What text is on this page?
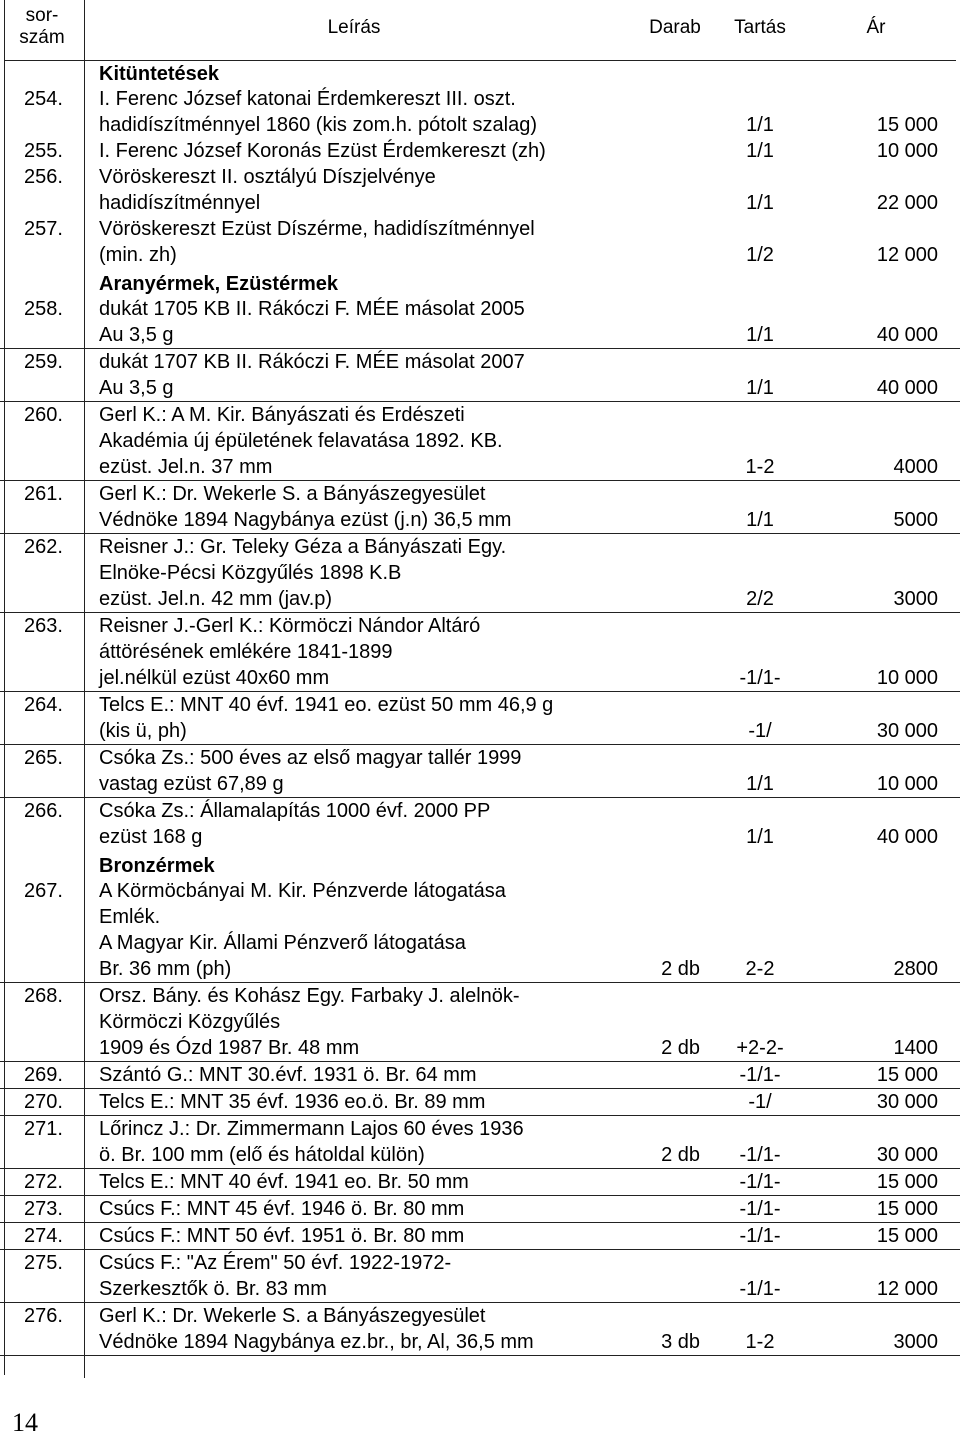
sor-
szám	Leírás	Darab	Tartás	Ár
Kitüntetések
254. I. Ferenc József katonai Érdemkereszt III. oszt.
hadidíszítménnyel 1860 (kis zom.h. pótolt szalag)	1/1	15 000
255. I. Ferenc József Koronás Ezüst Érdemkereszt (zh)	1/1	10 000
256. Vöröskereszt II. osztályú Díszjelvénye
hadidíszítménnyel	1/1	22 000
257. Vöröskereszt Ezüst Díszérme, hadidíszítménnyel
(min. zh)	1/2	12 000
Aranyérmek, Ezüstérmek
258. dukát 1705 KB II. Rákóczi F. MÉE másolat 2005
Au 3,5 g	1/1	40 000
259. dukát 1707 KB II. Rákóczi F. MÉE másolat 2007
Au 3,5 g	1/1	40 000
260. Gerl K.: A M. Kir. Bányászati és Erdészeti
Akadémia új épületének felavatása 1892. KB.
ezüst. Jel.n. 37 mm	1-2	4000
261. Gerl K.: Dr. Wekerle S. a Bányászegyesület
Védnöke 1894 Nagybánya ezüst (j.n) 36,5 mm	1/1	5000
262. Reisner J.: Gr. Teleky Géza a Bányászati Egy.
Elnöke-Pécsi Közgyűlés 1898 K.B
ezüst. Jel.n. 42 mm (jav.p)	2/2	3000
263. Reisner J.-Gerl K.: Körmöczi Nándor Altáró
áttörésének emlékére 1841-1899
jel.nélkül ezüst 40x60 mm	-1/1-	10 000
264. Telcs E.: MNT 40 évf. 1941 eo. ezüst 50 mm 46,9 g
(kis ü, ph)	-1/	30 000
265. Csóka Zs.: 500 éves az első magyar tallér 1999
vastag ezüst 67,89 g	1/1	10 000
266. Csóka Zs.: Államalapítás 1000 évf. 2000 PP
ezüst 168 g	1/1	40 000
Bronzérmek
267. A Körmöcbányai M. Kir. Pénzverde látogatása
Emlék.
A Magyar Kir. Állami Pénzverő látogatása
Br. 36 mm (ph)	2 db	2-2	2800
268. Orsz. Bány. és Kohász Egy. Farbaky J. alelnök-
Körmöczi Közgyűlés
1909 és Ózd 1987 Br. 48 mm	2 db	+2-2-	1400
269. Szántó G.: MNT 30.évf. 1931 ö. Br. 64 mm	-1/1-	15 000
270. Telcs E.: MNT 35 évf. 1936 eo.ö. Br. 89 mm	-1/	30 000
271. Lőrincz J.: Dr. Zimmermann Lajos 60 éves 1936
ö. Br. 100 mm (elő és hátoldal külön)	2 db	-1/1-	30 000
272. Telcs E.: MNT 40 évf. 1941 eo. Br. 50 mm	-1/1-	15 000
273. Csúcs F.: MNT 45 évf. 1946 ö. Br. 80 mm	-1/1-	15 000
274. Csúcs F.: MNT 50 évf. 1951 ö. Br. 80 mm	-1/1-	15 000
275. Csúcs F.: "Az Érem" 50 évf. 1922-1972-
Szerkesztők ö. Br. 83 mm	-1/1-	12 000
276. Gerl K.: Dr. Wekerle S. a Bányászegyesület
Védnöke 1894 Nagybánya ez.br., br, Al, 36,5 mm	3 db	1-2	3000
14
